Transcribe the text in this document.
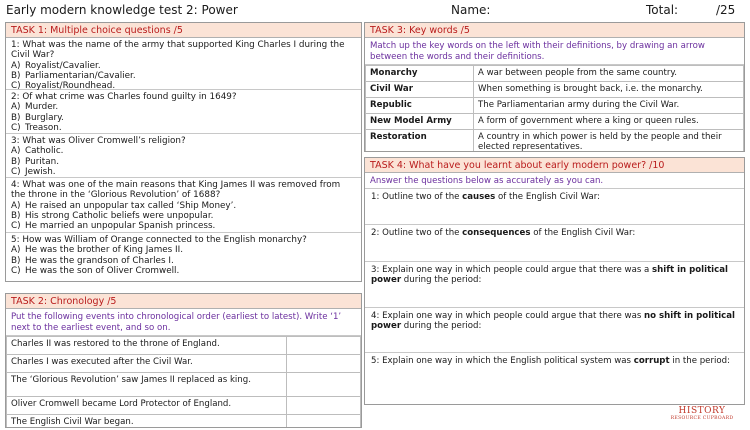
Early modern knowledge test 2: Power	Name:	Total:	/25
TASK 1: Multiple choice questions /5
1: What was the name of the army that supported King Charles I during the Civil War?
A) Royalist/Cavalier.
B) Parliamentarian/Cavalier.
C) Royalist/Roundhead.
2: Of what crime was Charles found guilty in 1649?
A) Murder.
B) Burglary.
C) Treason.
3: What was Oliver Cromwell’s religion?
A) Catholic.
B) Puritan.
C) Jewish.
4: What was one of the main reasons that King James II was removed from the throne in the ‘Glorious Revolution’ of 1688?
A) He raised an unpopular tax called ‘Ship Money’.
B) His strong Catholic beliefs were unpopular.
C) He married an unpopular Spanish princess.
5: How was William of Orange connected to the English monarchy?
A) He was the brother of King James II.
B) He was the grandson of Charles I.
C) He was the son of Oliver Cromwell.
TASK 2: Chronology /5
Put the following events into chronological order (earliest to latest). Write ‘1’ next to the earliest event, and so on.
Charles II was restored to the throne of England.	
Charles I was executed after the Civil War.	
The ‘Glorious Revolution’ saw James II replaced as king.	
Oliver Cromwell became Lord Protector of England.	
The English Civil War began.	
TASK 3: Key words /5
Match up the key words on the left with their definitions, by drawing an arrow between the words and their definitions.
Monarchy	A war between people from the same country.
Civil War	When something is brought back, i.e. the monarchy.
Republic	The Parliamentarian army during the Civil War.
New Model Army	A form of government where a king or queen rules.
Restoration	A country in which power is held by the people and their elected representatives.
TASK 4: What have you learnt about early modern power? /10
Answer the questions below as accurately as you can.
1: Outline two of the causes of the English Civil War:
2: Outline two of the consequences of the English Civil War:
3: Explain one way in which people could argue that there was a shift in political power during the period:
4: Explain one way in which people could argue that there was no shift in political power during the period:
5: Explain one way in which the English political system was corrupt in the period:
HISTORY
RESOURCE CUPBOARD
